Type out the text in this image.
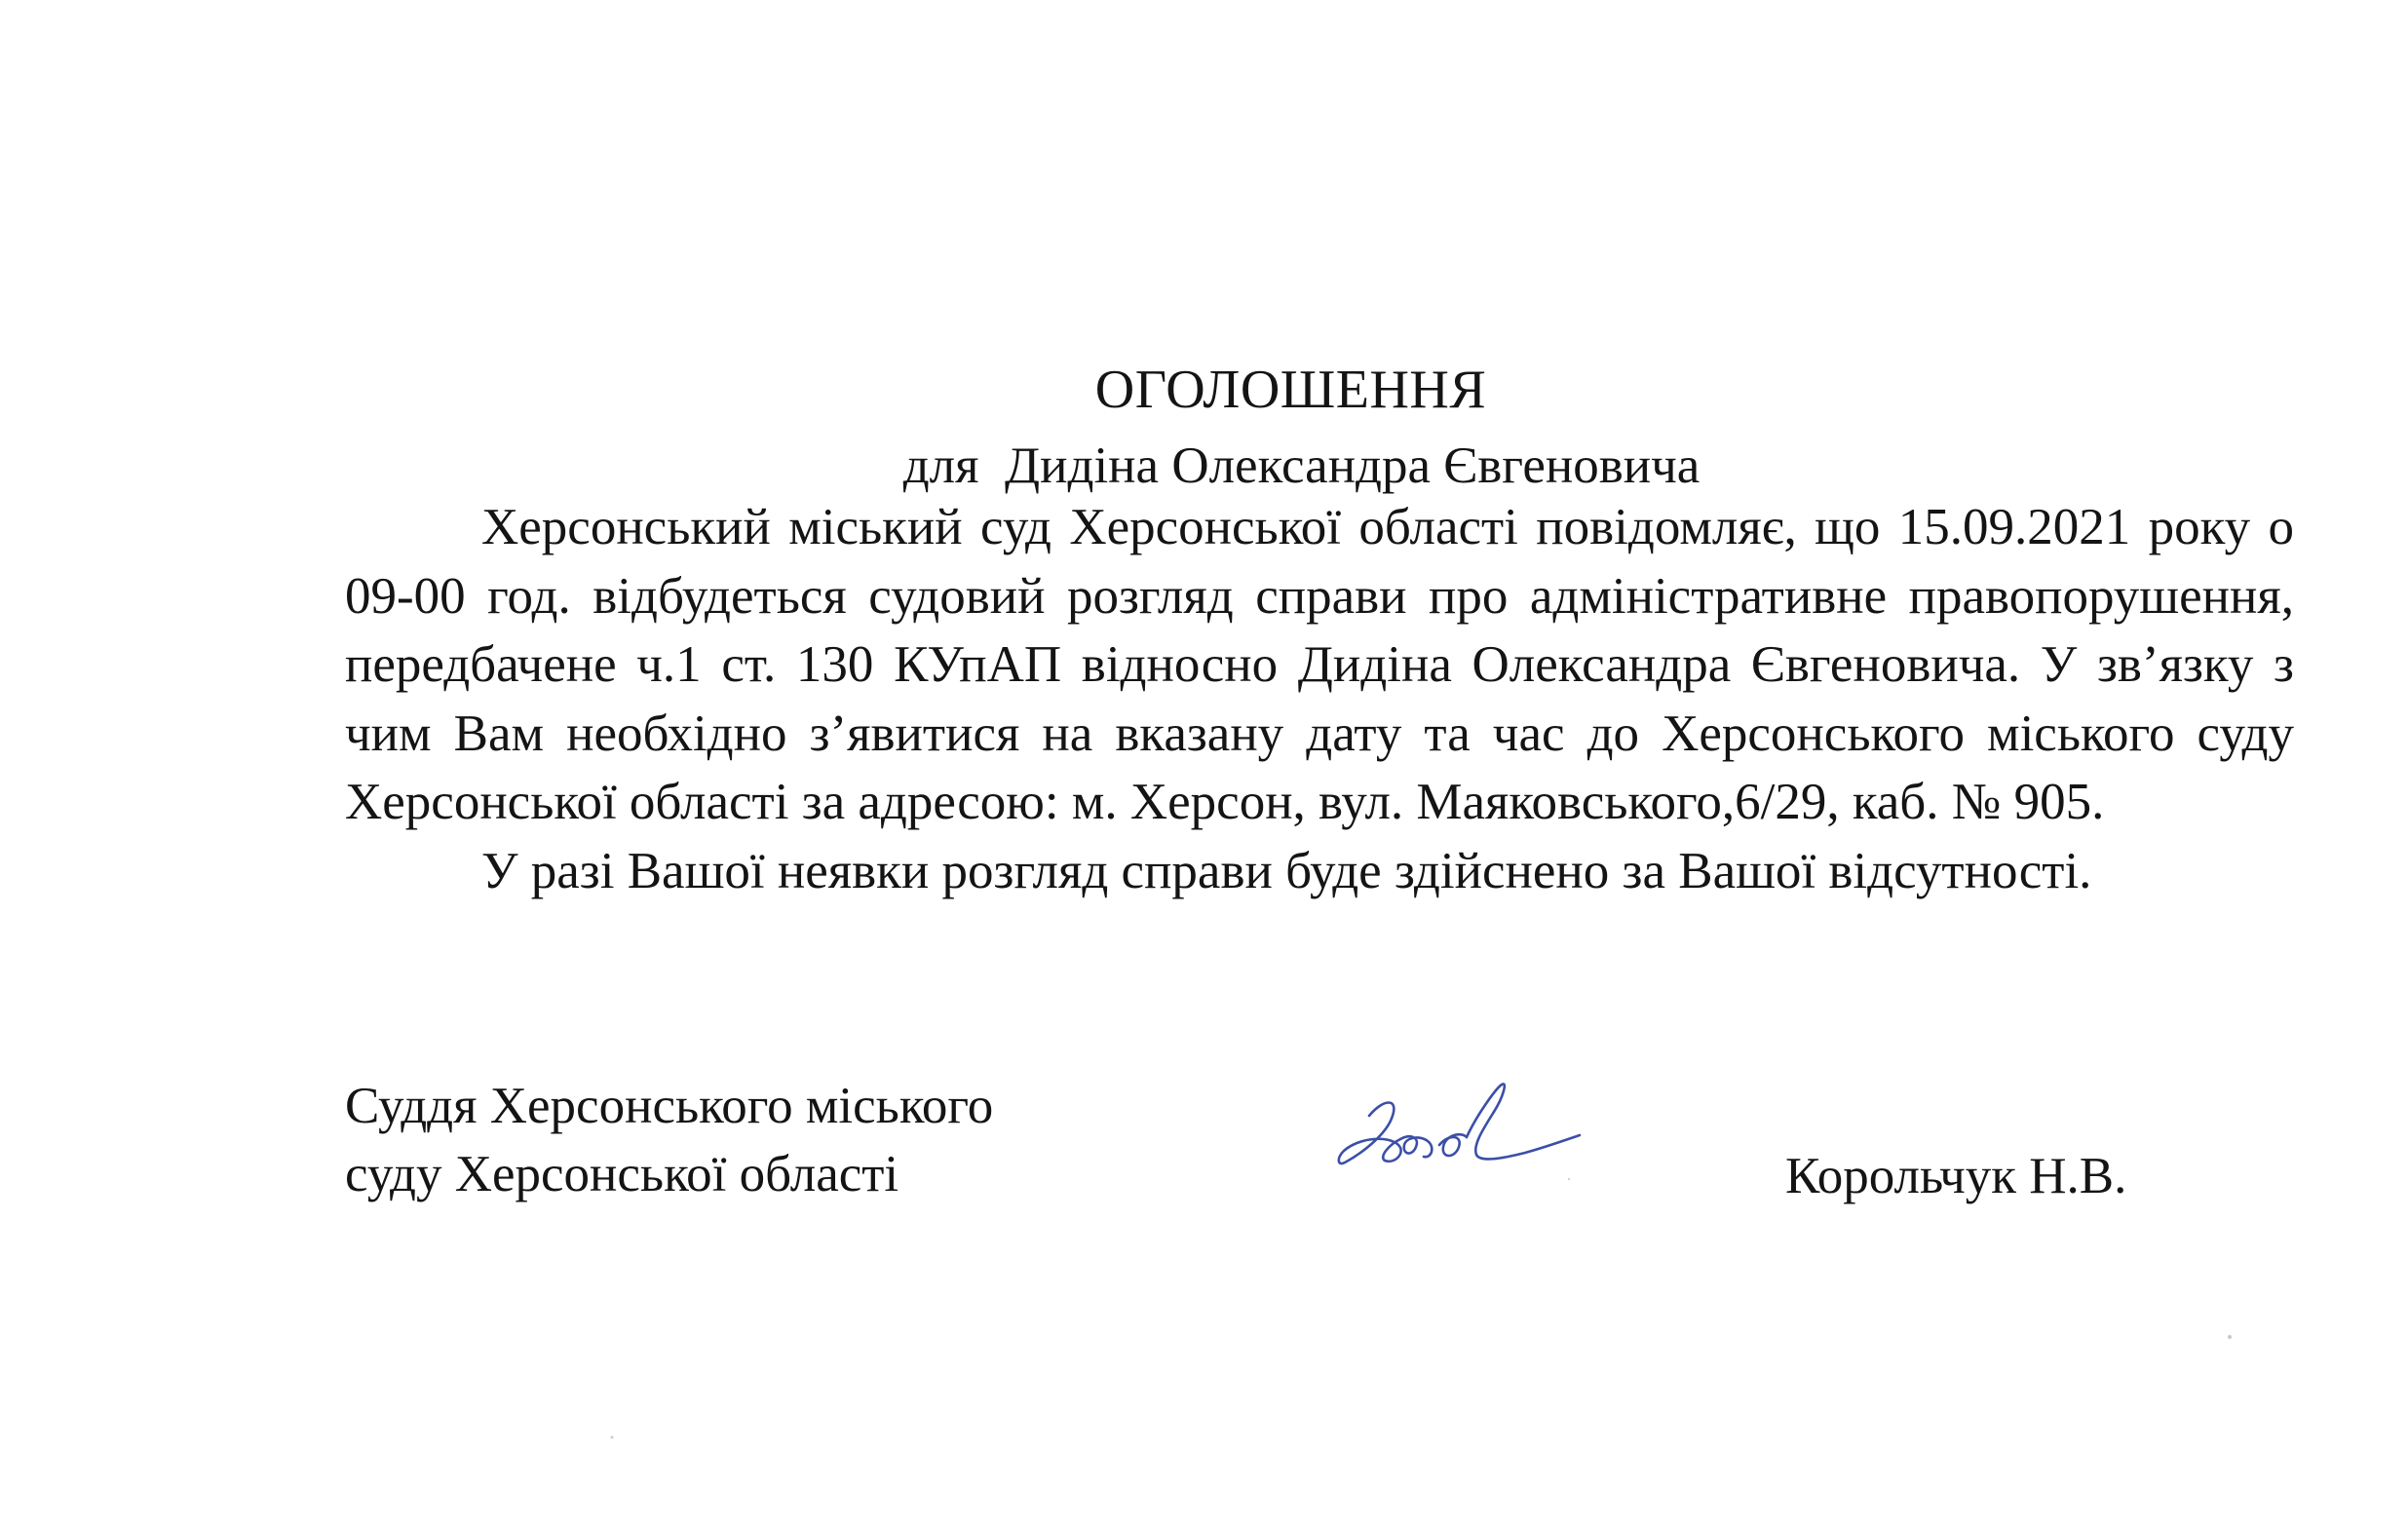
ОГОЛОШЕННЯ
для  Дидіна Олександра Євгеновича

Херсонський міський суд Херсонської області повідомляє, що 15.09.2021 року о 09-00 год. відбудеться судовий розгляд справи про адміністративне правопорушення, передбачене ч.1 ст. 130 КУпАП відносно Дидіна Олександра Євгеновича. У зв’язку з чим Вам необхідно з’явитися на вказану дату та час до Херсонського міського суду Херсонської області за адресою: м. Херсон, вул. Маяковського,6/29, каб. № 905.

У разі Вашої неявки розгляд справи буде здійснено за Вашої відсутності.

Суддя Херсонського міського
суду Херсонської області	Корольчук Н.В.
